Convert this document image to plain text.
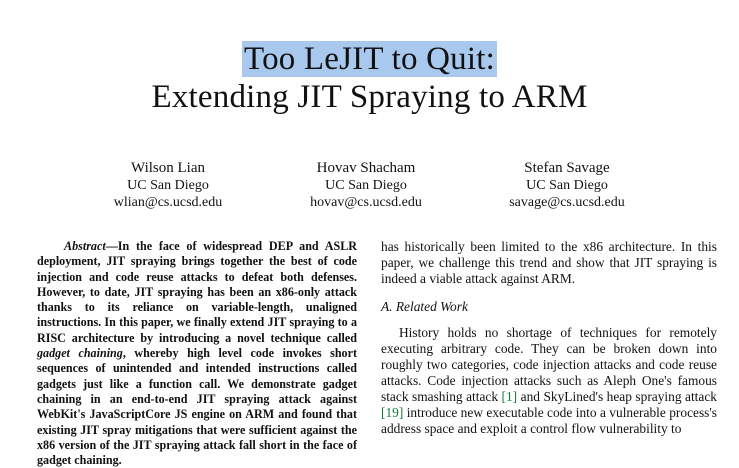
Too LeJIT to Quit:
Extending JIT Spraying to ARM
Wilson Lian
UC San Diego
wlian@cs.ucsd.edu
Hovav Shacham
UC San Diego
hovav@cs.ucsd.edu
Stefan Savage
UC San Diego
savage@cs.ucsd.edu

Abstract—In the face of widespread DEP and ASLR deployment, JIT spraying brings together the best of code injection and code reuse attacks to defeat both defenses. However, to date, JIT spraying has been an x86-only attack thanks to its reliance on variable-length, unaligned instructions. In this paper, we finally extend JIT spraying to a RISC architecture by introducing a novel technique called gadget chaining, whereby high level code invokes short sequences of unintended and intended instructions called gadgets just like a function call. We demonstrate gadget chaining in an end-to-end JIT spraying attack against WebKit's JavaScriptCore JS engine on ARM and found that existing JIT spray mitigations that were sufficient against the x86 version of the JIT spraying attack fall short in the face of gadget chaining.

has historically been limited to the x86 architecture. In this paper, we challenge this trend and show that JIT spraying is indeed a viable attack against ARM.

A. Related Work

History holds no shortage of techniques for remotely executing arbitrary code. They can be broken down into roughly two categories, code injection attacks and code reuse attacks. Code injection attacks such as Aleph One's famous stack smashing attack [1] and SkyLined's heap spraying attack [19] introduce new executable code into a vulnerable process's address space and exploit a control flow vulnerability to
